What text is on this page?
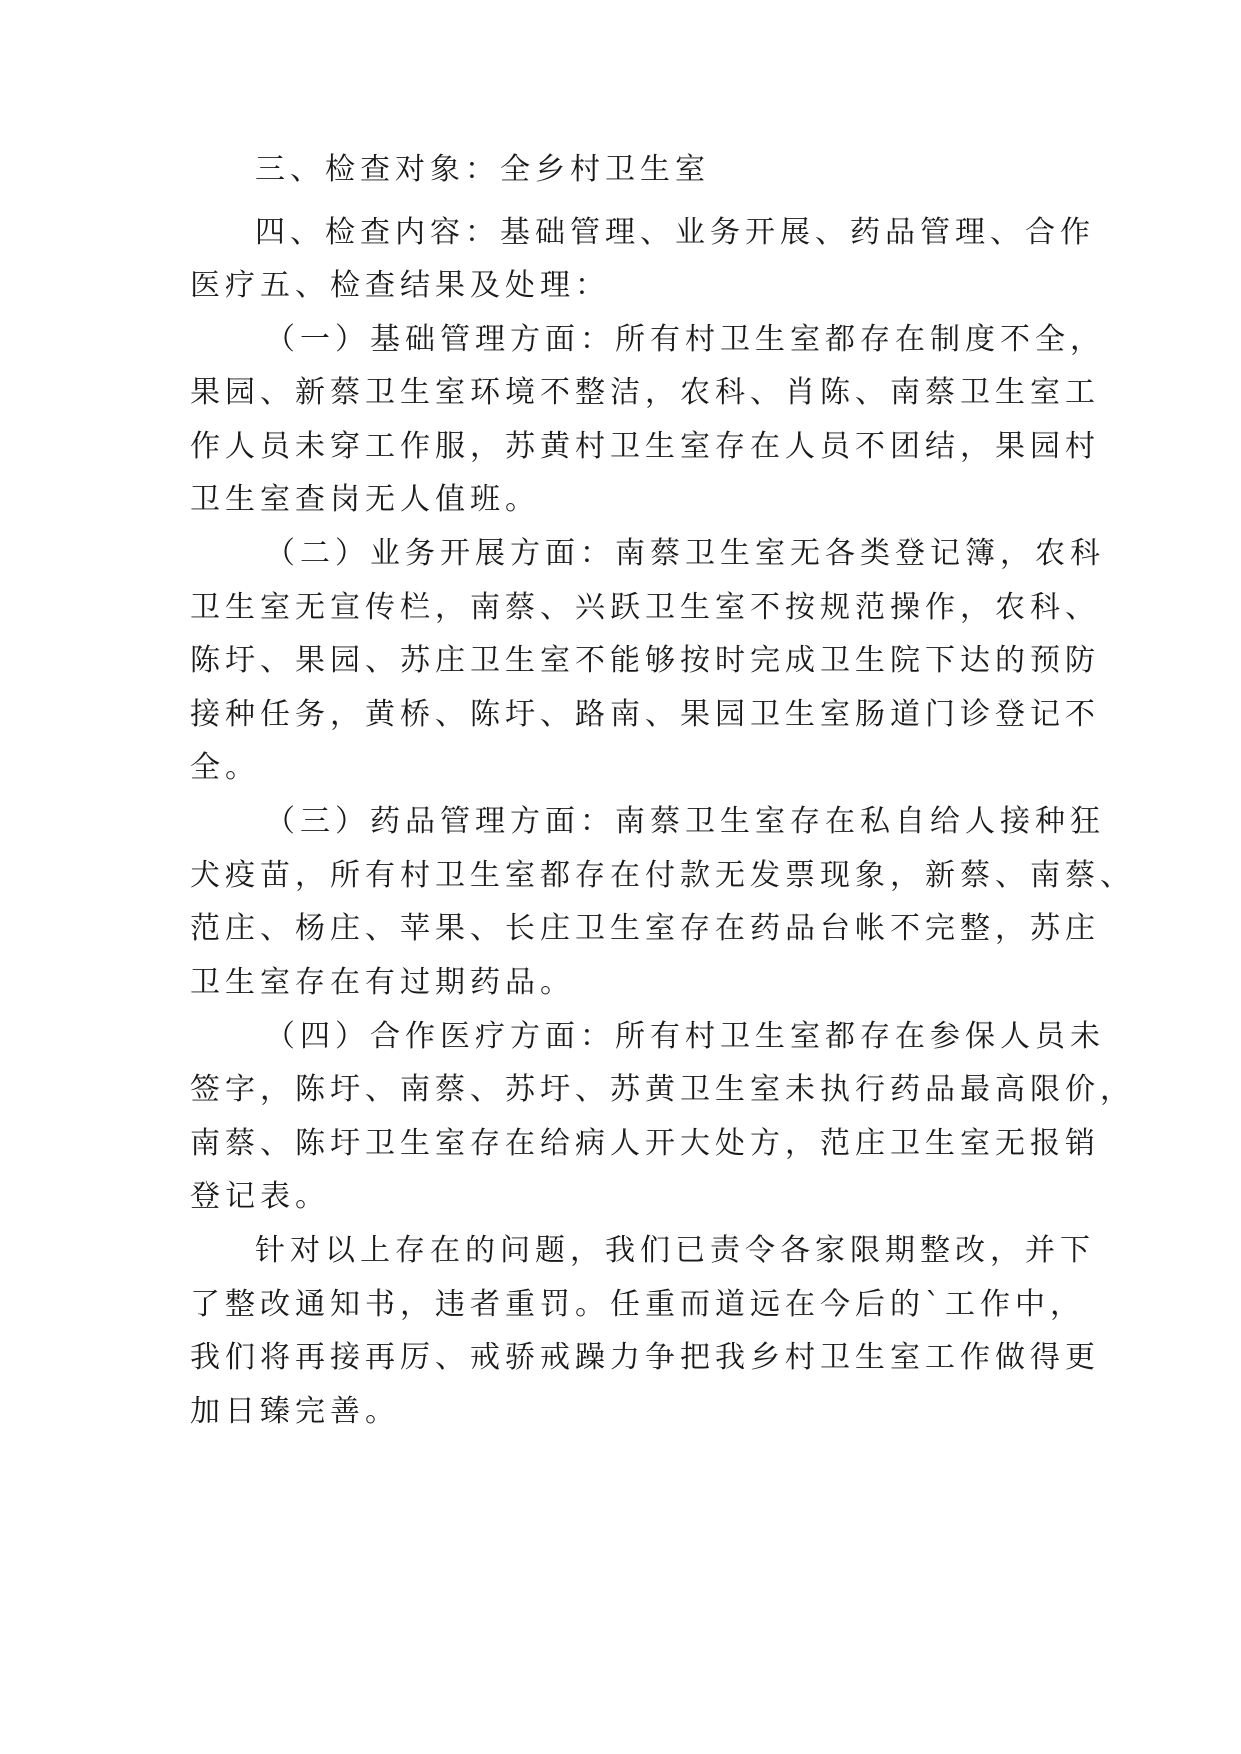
三、检查对象：全乡村卫生室
四、检查内容：基础管理、业务开展、药品管理、合作
医疗五、检查结果及处理：
（一）基础管理方面：所有村卫生室都存在制度不全，
果园、新蔡卫生室环境不整洁，农科、肖陈、南蔡卫生室工
作人员未穿工作服，苏黄村卫生室存在人员不团结，果园村
卫生室查岗无人值班。
（二）业务开展方面：南蔡卫生室无各类登记簿，农科
卫生室无宣传栏，南蔡、兴跃卫生室不按规范操作，农科、
陈圩、果园、苏庄卫生室不能够按时完成卫生院下达的预防
接种任务，黄桥、陈圩、路南、果园卫生室肠道门诊登记不
全。
（三）药品管理方面：南蔡卫生室存在私自给人接种狂
犬疫苗，所有村卫生室都存在付款无发票现象，新蔡、南蔡、
范庄、杨庄、苹果、长庄卫生室存在药品台帐不完整，苏庄
卫生室存在有过期药品。
（四）合作医疗方面：所有村卫生室都存在参保人员未
签字，陈圩、南蔡、苏圩、苏黄卫生室未执行药品最高限价，
南蔡、陈圩卫生室存在给病人开大处方，范庄卫生室无报销
登记表。
针对以上存在的问题，我们已责令各家限期整改，并下
了整改通知书，违者重罚。任重而道远在今后的`工作中，
我们将再接再厉、戒骄戒躁力争把我乡村卫生室工作做得更
加日臻完善。
